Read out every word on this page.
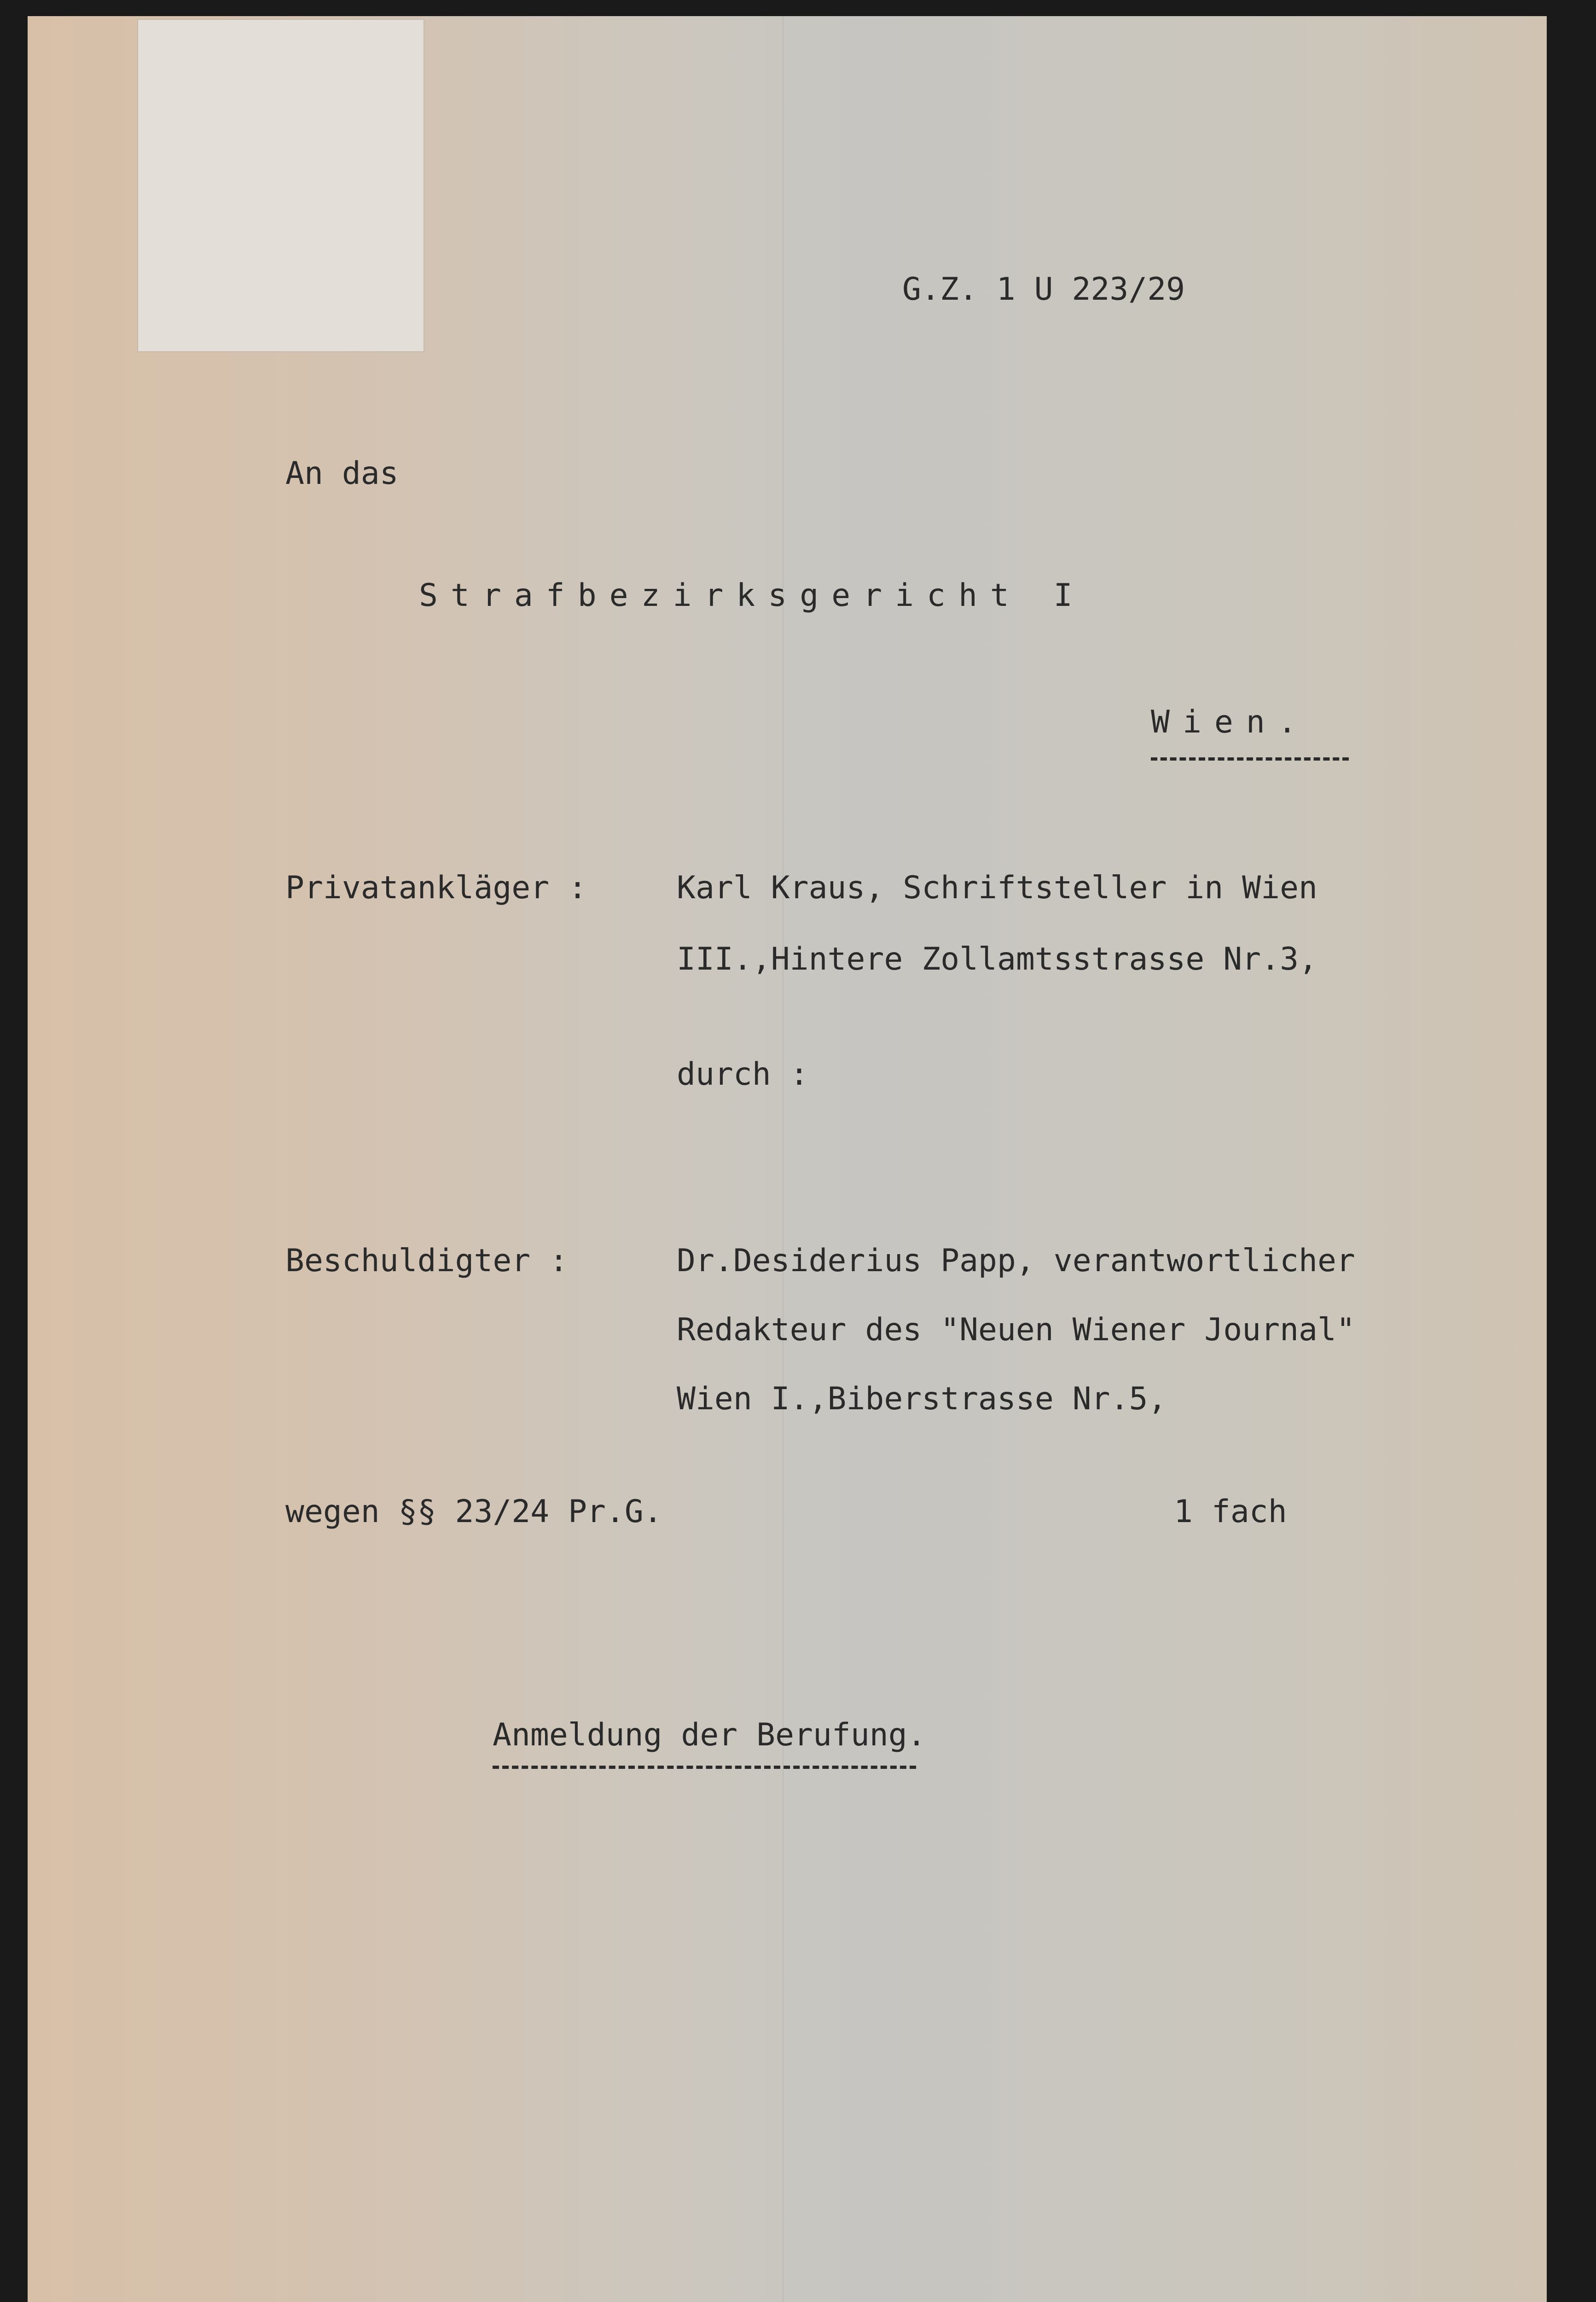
G.Z. 1 U 223/29
An das
Strafbezirksgericht I
Wien.
Privatankläger :	Karl Kraus, Schriftsteller in Wien
III.,Hintere Zollamtsstrasse Nr.3,
durch :
Beschuldigter :	Dr.Desiderius Papp, verantwortlicher
Redakteur des "Neuen Wiener Journal"
Wien I.,Biberstrasse Nr.5,
wegen §§ 23/24 Pr.G.	1 fach
Anmeldung der Berufung.
